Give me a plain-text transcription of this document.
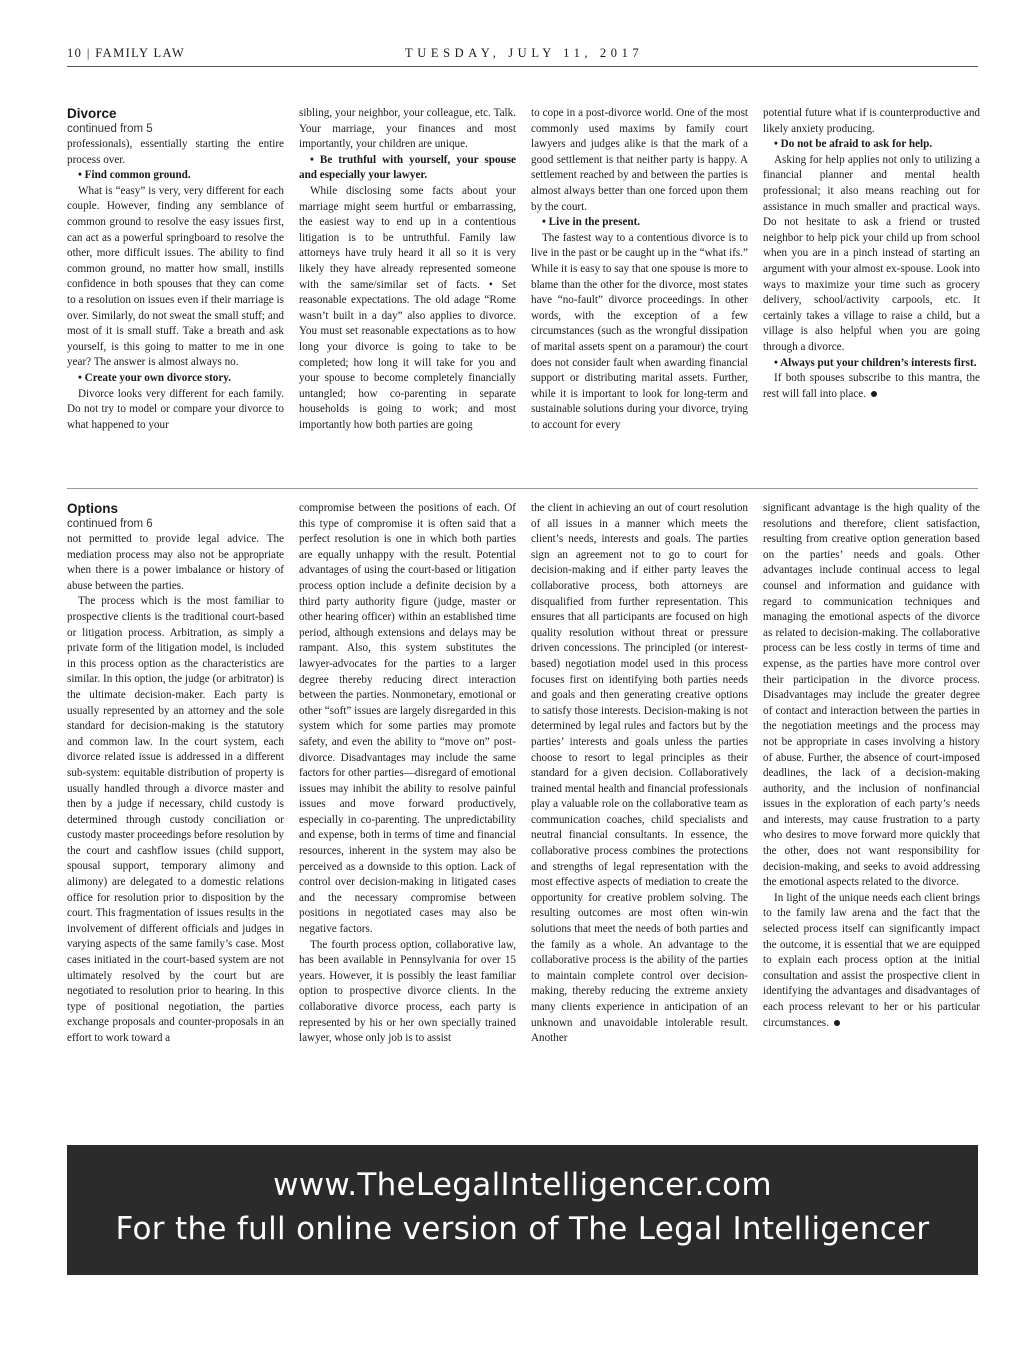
10 | FAMILY LAW	TUESDAY, JULY 11, 2017

Divorce

continued from 5

professionals), essentially starting the entire process over.

• Find common ground.

What is “easy” is very, very different for each couple. However, finding any semblance of common ground to resolve the easy issues first, can act as a powerful springboard to resolve the other, more difficult issues. The ability to find common ground, no matter how small, instills confidence in both spouses that they can come to a resolution on issues even if their marriage is over. Similarly, do not sweat the small stuff; and most of it is small stuff. Take a breath and ask yourself, is this going to matter to me in one year? The answer is almost always no.

• Create your own divorce story.

Divorce looks very different for each family. Do not try to model or compare your divorce to what happened to your

sibling, your neighbor, your colleague, etc. Talk. Your marriage, your finances and most importantly, your children are unique.

• Be truthful with yourself, your spouse and especially your lawyer.

While disclosing some facts about your marriage might seem hurtful or embarrassing, the easiest way to end up in a contentious litigation is to be untruthful. Family law attorneys have truly heard it all so it is very likely they have already represented someone with the same/similar set of facts. • Set reasonable expectations. The old adage “Rome wasn’t built in a day” also applies to divorce. You must set reasonable expectations as to how long your divorce is going to take to be completed; how long it will take for you and your spouse to become completely financially untangled; how co-parenting in separate households is going to work; and most importantly how both parties are going

to cope in a post-divorce world. One of the most commonly used maxims by family court lawyers and judges alike is that the mark of a good settlement is that neither party is happy. A settlement reached by and between the parties is almost always better than one forced upon them by the court.

• Live in the present.

The fastest way to a contentious divorce is to live in the past or be caught up in the “what ifs.” While it is easy to say that one spouse is more to blame than the other for the divorce, most states have “no-fault” divorce proceedings. In other words, with the exception of a few circumstances (such as the wrongful dissipation of marital assets spent on a paramour) the court does not consider fault when awarding financial support or distributing marital assets. Further, while it is important to look for long-term and sustainable solutions during your divorce, trying to account for every

potential future what if is counterproductive and likely anxiety producing.

• Do not be afraid to ask for help.

Asking for help applies not only to utilizing a financial planner and mental health professional; it also means reaching out for assistance in much smaller and practical ways. Do not hesitate to ask a friend or trusted neighbor to help pick your child up from school when you are in a pinch instead of starting an argument with your almost ex-spouse. Look into ways to maximize your time such as grocery delivery, school/activity carpools, etc. It certainly takes a village to raise a child, but a village is also helpful when you are going through a divorce.

• Always put your children’s interests first.

If both spouses subscribe to this mantra, the rest will fall into place.

Options

continued from 6

not permitted to provide legal advice. The mediation process may also not be appropriate when there is a power imbalance or history of abuse between the parties.

The process which is the most familiar to prospective clients is the traditional court-based or litigation process. Arbitration, as simply a private form of the litigation model, is included in this process option as the characteristics are similar. In this option, the judge (or arbitrator) is the ultimate decision-maker. Each party is usually represented by an attorney and the sole standard for decision-making is the statutory and common law. In the court system, each divorce related issue is addressed in a different sub-system: equitable distribution of property is usually handled through a divorce master and then by a judge if necessary, child custody is determined through custody conciliation or custody master proceedings before resolution by the court and cashflow issues (child support, spousal support, temporary alimony and alimony) are delegated to a domestic relations office for resolution prior to disposition by the court. This fragmentation of issues results in the involvement of different officials and judges in varying aspects of the same family’s case. Most cases initiated in the court-based system are not ultimately resolved by the court but are negotiated to resolution prior to hearing. In this type of positional negotiation, the parties exchange proposals and counter-proposals in an effort to work toward a

compromise between the positions of each. Of this type of compromise it is often said that a perfect resolution is one in which both parties are equally unhappy with the result. Potential advantages of using the court-based or litigation process option include a definite decision by a third party authority figure (judge, master or other hearing officer) within an established time period, although extensions and delays may be rampant. Also, this system substitutes the lawyer-advocates for the parties to a larger degree thereby reducing direct interaction between the parties. Nonmonetary, emotional or other “soft” issues are largely disregarded in this system which for some parties may promote safety, and even the ability to “move on” post-divorce. Disadvantages may include the same factors for other parties—disregard of emotional issues may inhibit the ability to resolve painful issues and move forward productively, especially in co-parenting. The unpredictability and expense, both in terms of time and financial resources, inherent in the system may also be perceived as a downside to this option. Lack of control over decision-making in litigated cases and the necessary compromise between positions in negotiated cases may also be negative factors.

The fourth process option, collaborative law, has been available in Pennsylvania for over 15 years. However, it is possibly the least familiar option to prospective divorce clients. In the collaborative divorce process, each party is represented by his or her own specially trained lawyer, whose only job is to assist

the client in achieving an out of court resolution of all issues in a manner which meets the client’s needs, interests and goals. The parties sign an agreement not to go to court for decision-making and if either party leaves the collaborative process, both attorneys are disqualified from further representation. This ensures that all participants are focused on high quality resolution without threat or pressure driven concessions. The principled (or interest-based) negotiation model used in this process focuses first on identifying both parties needs and goals and then generating creative options to satisfy those interests. Decision-making is not determined by legal rules and factors but by the parties’ interests and goals unless the parties choose to resort to legal principles as their standard for a given decision. Collaboratively trained mental health and financial professionals play a valuable role on the collaborative team as communication coaches, child specialists and neutral financial consultants. In essence, the collaborative process combines the protections and strengths of legal representation with the most effective aspects of mediation to create the opportunity for creative problem solving. The resulting outcomes are most often win-win solutions that meet the needs of both parties and the family as a whole. An advantage to the collaborative process is the ability of the parties to maintain complete control over decision-making, thereby reducing the extreme anxiety many clients experience in anticipation of an unknown and unavoidable intolerable result. Another

significant advantage is the high quality of the resolutions and therefore, client satisfaction, resulting from creative option generation based on the parties’ needs and goals. Other advantages include continual access to legal counsel and information and guidance with regard to communication techniques and managing the emotional aspects of the divorce as related to decision-making. The collaborative process can be less costly in terms of time and expense, as the parties have more control over their participation in the divorce process. Disadvantages may include the greater degree of contact and interaction between the parties in the negotiation meetings and the process may not be appropriate in cases involving a history of abuse. Further, the absence of court-imposed deadlines, the lack of a decision-making authority, and the inclusion of nonfinancial issues in the exploration of each party’s needs and interests, may cause frustration to a party who desires to move forward more quickly that the other, does not want responsibility for decision-making, and seeks to avoid addressing the emotional aspects related to the divorce.

In light of the unique needs each client brings to the family law arena and the fact that the selected process itself can significantly impact the outcome, it is essential that we are equipped to explain each process option at the initial consultation and assist the prospective client in identifying the advantages and disadvantages of each process relevant to her or his particular circumstances.

www.TheLegalIntelligencer.com
For the full online version of The Legal Intelligencer
